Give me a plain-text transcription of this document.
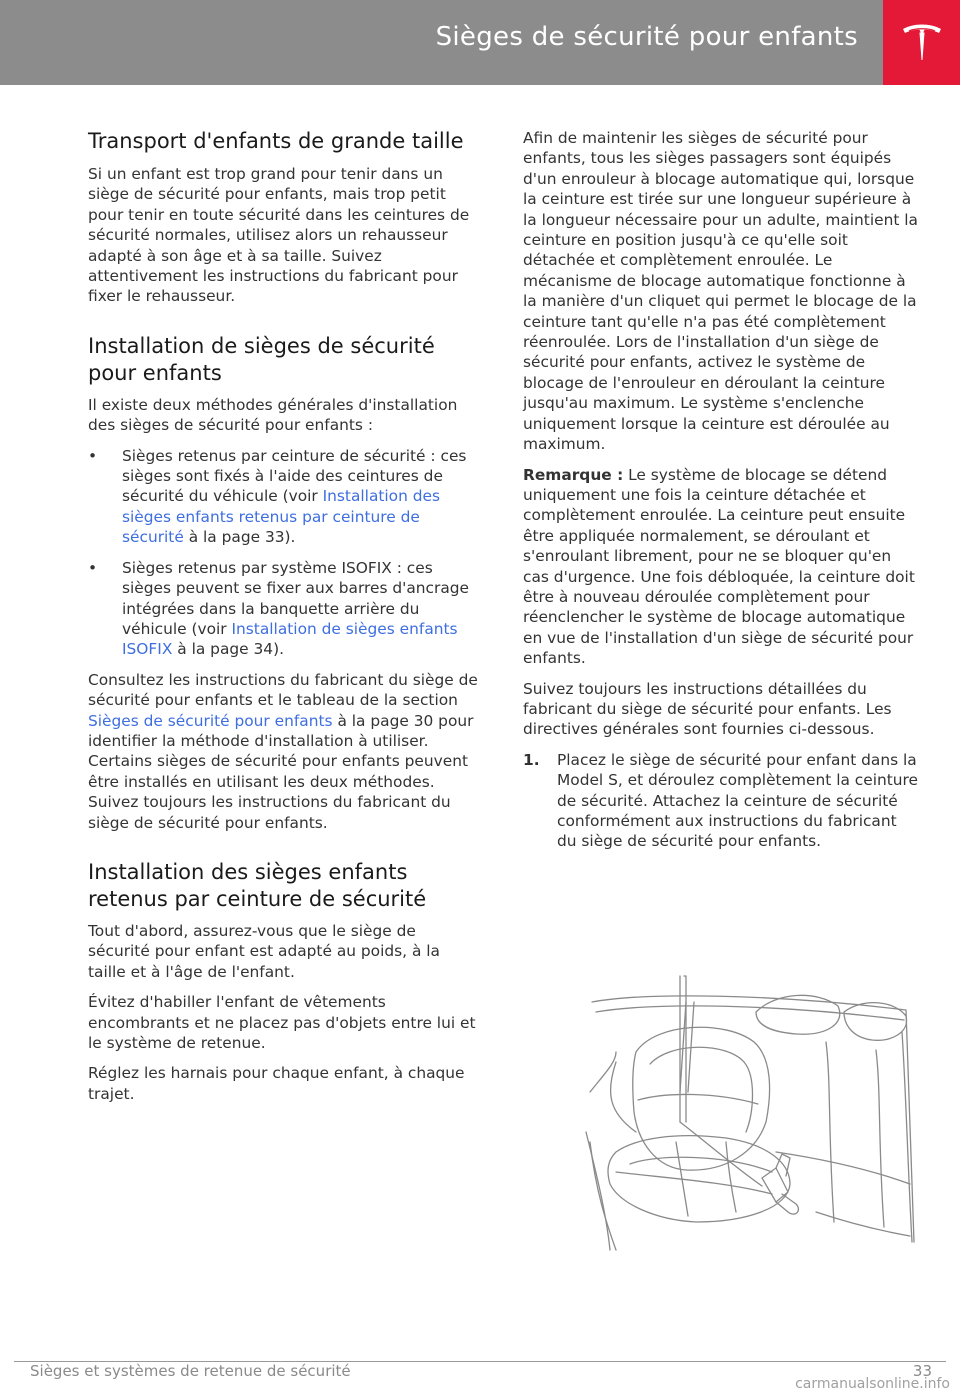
Sièges de sécurité pour enfants
Transport d'enfants de grande taille

Si un enfant est trop grand pour tenir dans un siège de sécurité pour enfants, mais trop petit pour tenir en toute sécurité dans les ceintures de sécurité normales, utilisez alors un rehausseur adapté à son âge et à sa taille. Suivez attentivement les instructions du fabricant pour fixer le rehausseur.

Installation de sièges de sécurité pour enfants

Il existe deux méthodes générales d'installation des sièges de sécurité pour enfants :

• Sièges retenus par ceinture de sécurité : ces sièges sont fixés à l'aide des ceintures de sécurité du véhicule (voir Installation des sièges enfants retenus par ceinture de sécurité à la page 33).
• Sièges retenus par système ISOFIX : ces sièges peuvent se fixer aux barres d'ancrage intégrées dans la banquette arrière du véhicule (voir Installation de sièges enfants ISOFIX à la page 34).

Consultez les instructions du fabricant du siège de sécurité pour enfants et le tableau de la section Sièges de sécurité pour enfants à la page 30 pour identifier la méthode d'installation à utiliser. Certains sièges de sécurité pour enfants peuvent être installés en utilisant les deux méthodes. Suivez toujours les instructions du fabricant du siège de sécurité pour enfants.

Installation des sièges enfants retenus par ceinture de sécurité

Tout d'abord, assurez-vous que le siège de sécurité pour enfant est adapté au poids, à la taille et à l'âge de l'enfant.

Évitez d'habiller l'enfant de vêtements encombrants et ne placez pas d'objets entre lui et le système de retenue.

Réglez les harnais pour chaque enfant, à chaque trajet.

Afin de maintenir les sièges de sécurité pour enfants, tous les sièges passagers sont équipés d'un enrouleur à blocage automatique qui, lorsque la ceinture est tirée sur une longueur supérieure à la longueur nécessaire pour un adulte, maintient la ceinture en position jusqu'à ce qu'elle soit détachée et complètement enroulée. Le mécanisme de blocage automatique fonctionne à la manière d'un cliquet qui permet le blocage de la ceinture tant qu'elle n'a pas été complètement réenroulée. Lors de l'installation d'un siège de sécurité pour enfants, activez le système de blocage de l'enrouleur en déroulant la ceinture jusqu'au maximum. Le système s'enclenche uniquement lorsque la ceinture est déroulée au maximum.

Remarque : Le système de blocage se détend uniquement une fois la ceinture détachée et complètement enroulée. La ceinture peut ensuite être appliquée normalement, se déroulant et s'enroulant librement, pour ne se bloquer qu'en cas d'urgence. Une fois débloquée, la ceinture doit être à nouveau déroulée complètement pour réenclencher le système de blocage automatique en vue de l'installation d'un siège de sécurité pour enfants.

Suivez toujours les instructions détaillées du fabricant du siège de sécurité pour enfants. Les directives générales sont fournies ci-dessous.

1. Placez le siège de sécurité pour enfant dans la Model S, et déroulez complètement la ceinture de sécurité. Attachez la ceinture de sécurité conformément aux instructions du fabricant du siège de sécurité pour enfants.
Sièges et systèmes de retenue de sécurité	33
carmanualsonline.info
